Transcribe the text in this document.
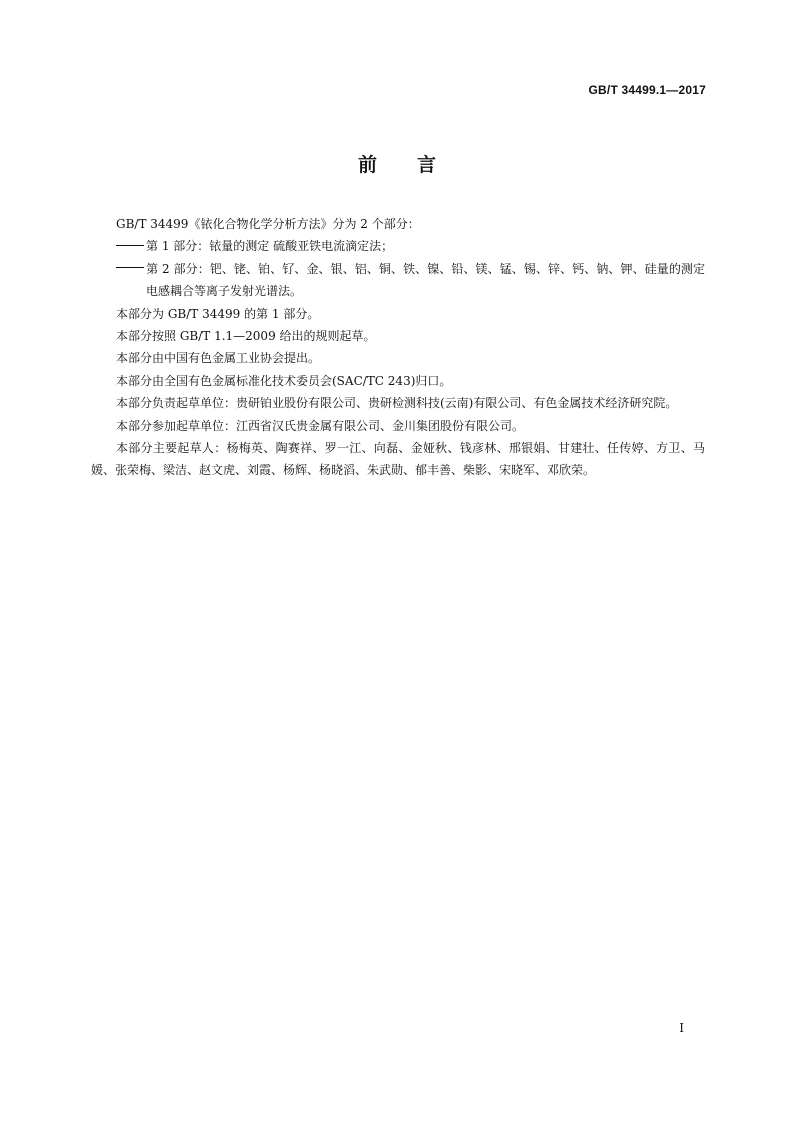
GB/T 34499.1—2017
前言

GB/T 34499《铱化合物化学分析方法》分为 2 个部分：

第 1 部分：铱量的测定 硫酸亚铁电流滴定法；

第 2 部分：钯、铑、铂、钌、金、银、铝、铜、铁、镍、铅、镁、锰、锡、锌、钙、钠、钾、硅量的测定 电感耦合等离子发射光谱法。

本部分为 GB/T 34499 的第 1 部分。

本部分按照 GB/T 1.1—2009 给出的规则起草。

本部分由中国有色金属工业协会提出。

本部分由全国有色金属标准化技术委员会(SAC/TC 243)归口。

本部分负责起草单位：贵研铂业股份有限公司、贵研检测科技(云南)有限公司、有色金属技术经济研究院。

本部分参加起草单位：江西省汉氏贵金属有限公司、金川集团股份有限公司。

本部分主要起草人：杨梅英、陶赛祥、罗一江、向磊、金娅秋、钱彦林、邢银娟、甘建壮、任传婷、方卫、马媛、张荣梅、梁洁、赵文虎、刘霞、杨辉、杨晓滔、朱武勋、郁丰善、柴影、宋晓军、邓欣荣。

I
